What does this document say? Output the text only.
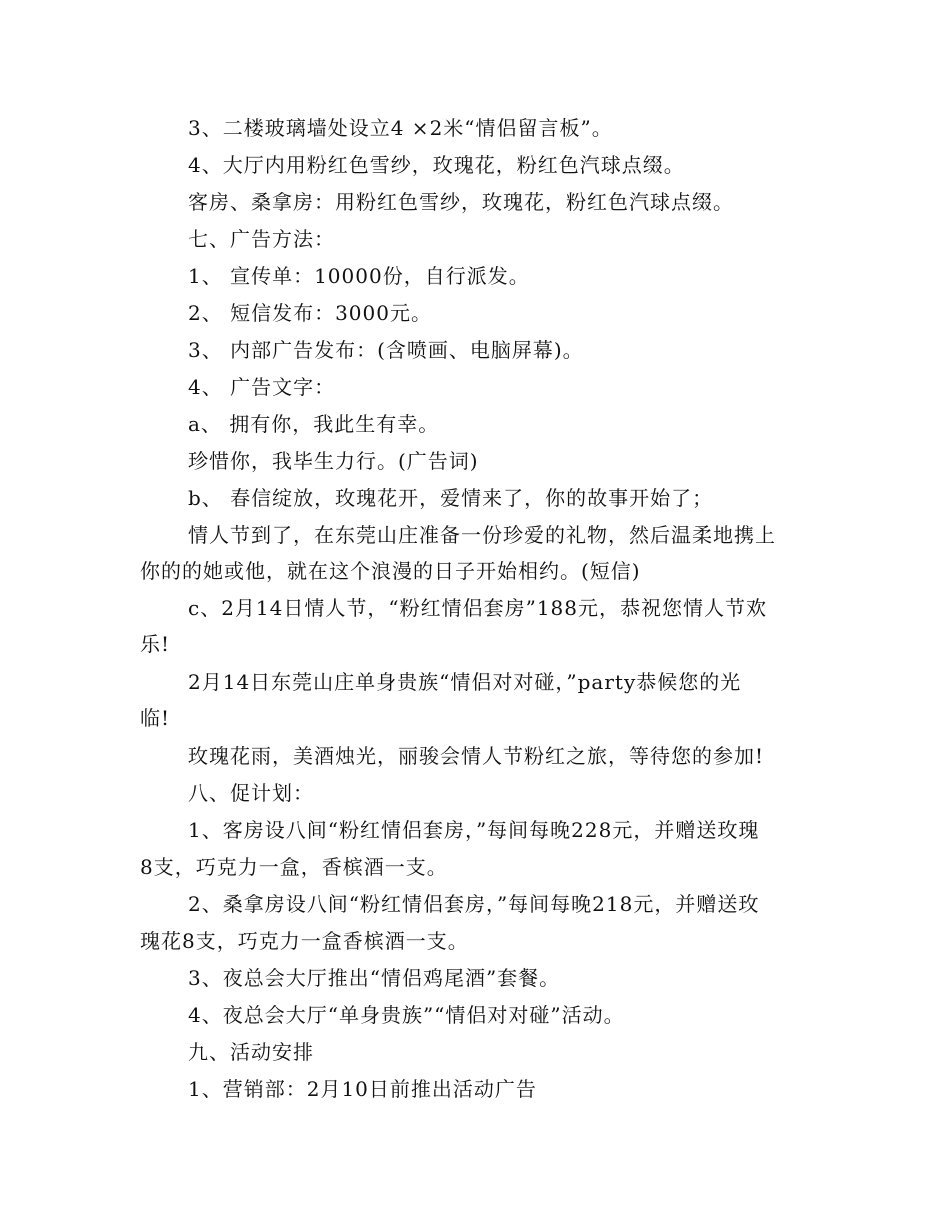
3、二楼玻璃墙处设立4 ×2米“情侣留言板”。
4、大厅内用粉红色雪纱，玫瑰花，粉红色汽球点缀。
客房、桑拿房：用粉红色雪纱，玫瑰花，粉红色汽球点缀。
七、广告方法：
1、 宣传单：10000份，自行派发。
2、 短信发布：3000元。
3、 内部广告发布：(含喷画、电脑屏幕)。
4、 广告文字：
a、 拥有你，我此生有幸。
珍惜你，我毕生力行。(广告词)
b、 春信绽放，玫瑰花开，爱情来了，你的故事开始了；
情人节到了，在东莞山庄准备一份珍爱的礼物，然后温柔地携上
你的的她或他，就在这个浪漫的日子开始相约。(短信)
c、2月14日情人节，“粉红情侣套房”188元，恭祝您情人节欢
乐!
2月14日东莞山庄单身贵族“情侣对对碰，”party恭候您的光
临!
玫瑰花雨，美酒烛光，丽骏会情人节粉红之旅，等待您的参加!
八、促计划：
1、客房设八间“粉红情侣套房，”每间每晚228元，并赠送玫瑰
8支，巧克力一盒，香槟酒一支。
2、桑拿房设八间“粉红情侣套房，”每间每晚218元，并赠送玫
瑰花8支，巧克力一盒香槟酒一支。
3、夜总会大厅推出“情侣鸡尾酒”套餐。
4、夜总会大厅“单身贵族”“情侣对对碰”活动。
九、活动安排
1、营销部：2月10日前推出活动广告
